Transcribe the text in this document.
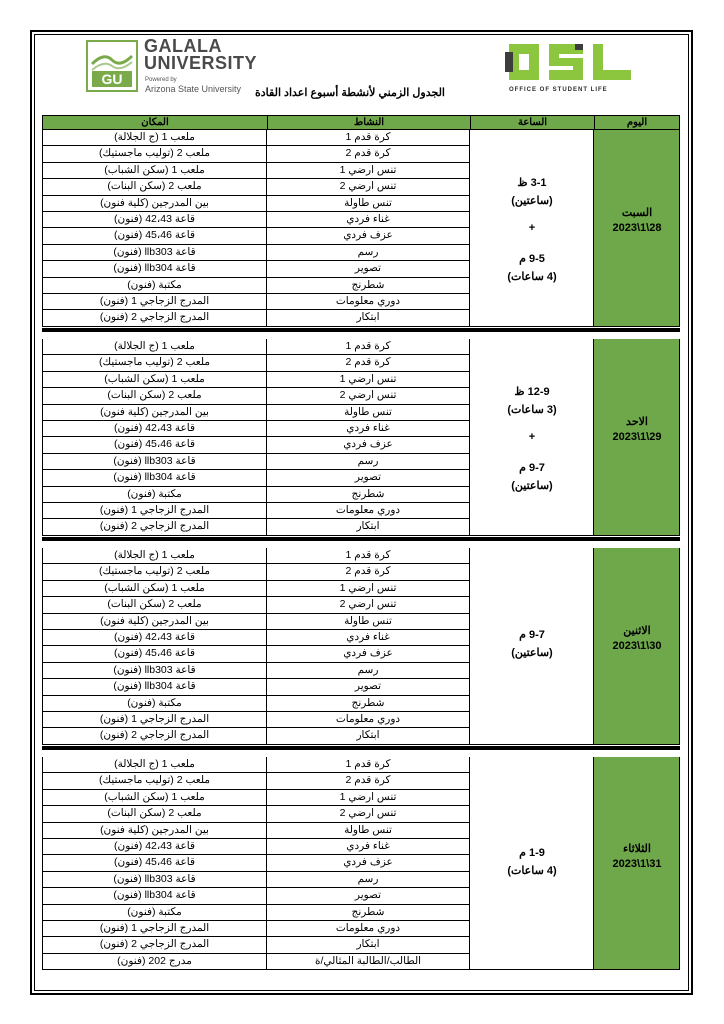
GU
GALALA
UNIVERSITY
Powered by
Arizona State University	OFFICE OF STUDENT LIFE
الجدول الزمني لأنشطة أسبوع اعداد القادة
المكان	النشاط	الساعة	اليوم
ملعب 1 (ج الجلالة)	كرة قدم 1
ملعب 2 (توليب ماجستيك)	كرة قدم 2
ملعب 1 (سكن الشباب)	تنس ارضي 1
ملعب 2 (سكن البنات)	تنس ارضي 2
بين المدرجين (كلية فنون)	تنس طاولة
قاعة 42،43 (فنون)	غناء فردي
قاعة 45،46 (فنون)	عزف فردي
قاعة llb303 (فنون)	رسم
قاعة llb304 (فنون)	تصوير
مكتبة (فنون)	شطرنج
المدرج الزجاجي 1 (فنون)	دوري معلومات
المدرج الزجاجي 2 (فنون)	ابتكار
3-1 ظ
(ساعتين)
+
9-5 م
(4 ساعات)
السبت
2023\1\28
ملعب 1 (ج الجلالة)	كرة قدم 1
ملعب 2 (توليب ماجستيك)	كرة قدم 2
ملعب 1 (سكن الشباب)	تنس ارضي 1
ملعب 2 (سكن البنات)	تنس ارضي 2
بين المدرجين (كلية فنون)	تنس طاولة
قاعة 42،43 (فنون)	غناء فردي
قاعة 45،46 (فنون)	عزف فردي
قاعة llb303 (فنون)	رسم
قاعة llb304 (فنون)	تصوير
مكتبة (فنون)	شطرنج
المدرج الزجاجي 1 (فنون)	دوري معلومات
المدرج الزجاجي 2 (فنون)	ابتكار
12-9 ظ
(3 ساعات)
+
9-7 م
(ساعتين)
الاحد
2023\1\29
ملعب 1 (ج الجلالة)	كرة قدم 1
ملعب 2 (توليب ماجستيك)	كرة قدم 2
ملعب 1 (سكن الشباب)	تنس ارضي 1
ملعب 2 (سكن البنات)	تنس ارضي 2
بين المدرجين (كلية فنون)	تنس طاولة
قاعة 42،43 (فنون)	غناء فردي
قاعة 45،46 (فنون)	عزف فردي
قاعة llb303 (فنون)	رسم
قاعة llb304 (فنون)	تصوير
مكتبة (فنون)	شطرنج
المدرج الزجاجي 1 (فنون)	دوري معلومات
المدرج الزجاجي 2 (فنون)	ابتكار
9-7 م
(ساعتين)
الاثنين
2023\1\30
ملعب 1 (ج الجلالة)	كرة قدم 1
ملعب 2 (توليب ماجستيك)	كرة قدم 2
ملعب 1 (سكن الشباب)	تنس ارضي 1
ملعب 2 (سكن البنات)	تنس ارضي 2
بين المدرجين (كلية فنون)	تنس طاولة
قاعة 42،43 (فنون)	غناء فردي
قاعة 45،46 (فنون)	عزف فردي
قاعة llb303 (فنون)	رسم
قاعة llb304 (فنون)	تصوير
مكتبة (فنون)	شطرنج
المدرج الزجاجي 1 (فنون)	دوري معلومات
المدرج الزجاجي 2 (فنون)	ابتكار
مدرج 202 (فنون)	الطالب/الطالبة المثالي/ة
1-9 م
(4 ساعات)
الثلاثاء
2023\1\31
